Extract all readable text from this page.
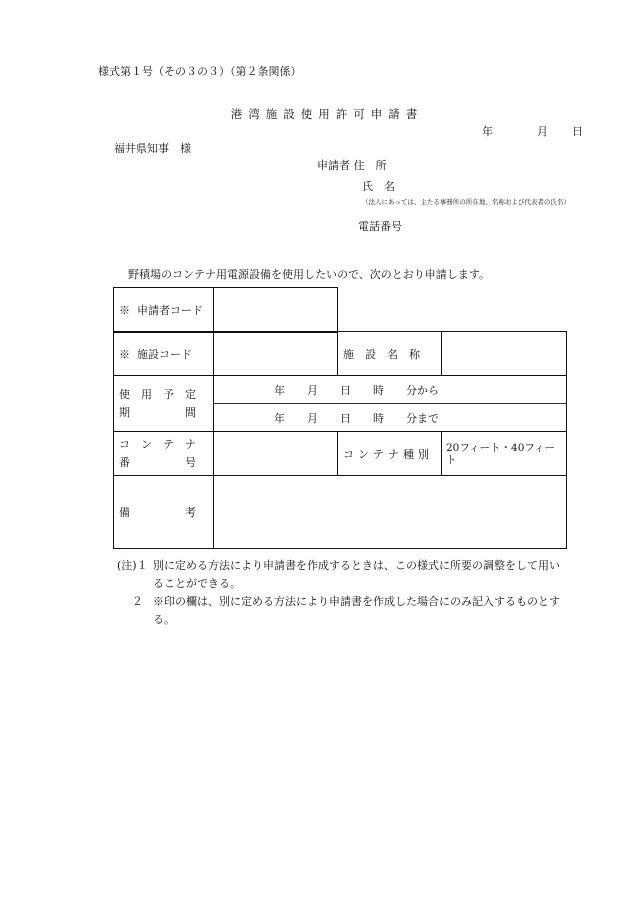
様式第１号（その３の３）（第２条関係）
港湾施設使用許可申請書
年	月 日
福井県知事　様
申請者 住　所
氏　名
（法人にあっては、主たる事務所の所在地、名称および代表者の氏名）
電話番号
野積場のコンテナ用電源設備を使用したいので、次のとおり申請します。
※ 申請者コード	
※ 施設コード		施　設　名　称	

使　用　予　定
期　　　　　間	年　　月　　日　　時　　分から		
	年　　月　　日　　時　　分まで		

コ　ン　テ　ナ
番　　　　　号		コンテナ種別	20フィート・40フィート
備　　　　　考			
(注)１ 別に定める方法により申請書を作成するときは、この様式に所要の調整をして用いることができる。
２ ※印の欄は、別に定める方法により申請書を作成した場合にのみ記入するものとする。
